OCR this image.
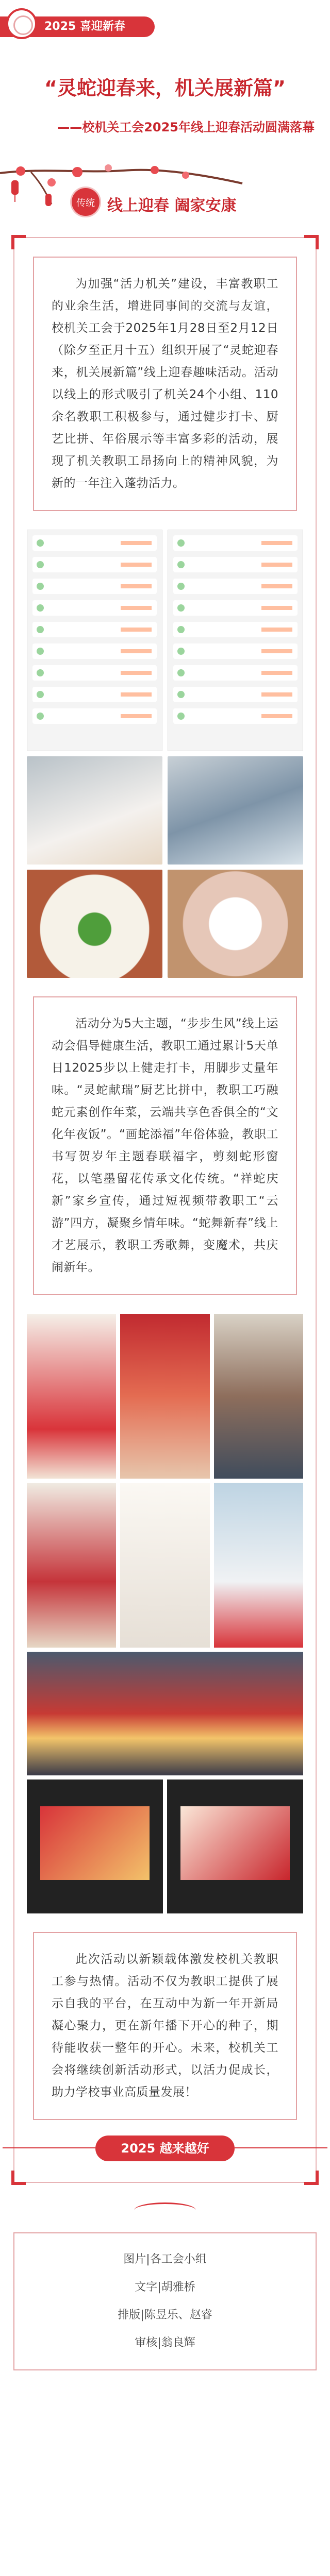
2025 喜迎新春
“灵蛇迎春来，机关展新篇”
——校机关工会2025年线上迎春活动圆满落幕
传统 线上迎春 阖家安康

为加强“活力机关”建设，丰富教职工的业余生活，增进同事间的交流与友谊，校机关工会于2025年1月28日至2月12日（除夕至正月十五）组织开展了“灵蛇迎春来，机关展新篇”线上迎春趣味活动。活动以线上的形式吸引了机关24个小组、110余名教职工积极参与，通过健步打卡、厨艺比拼、年俗展示等丰富多彩的活动，展现了机关教职工昂扬向上的精神风貌，为新的一年注入蓬勃活力。

活动分为5大主题，“步步生风”线上运动会倡导健康生活，教职工通过累计5天单日12025步以上健走打卡，用脚步丈量年味。“灵蛇献瑞”厨艺比拼中，教职工巧融蛇元素创作年菜，云端共享色香俱全的“文化年夜饭”。“画蛇添福”年俗体验，教职工书写贺岁年主题春联福字，剪刻蛇形窗花，以笔墨留花传承文化传统。“祥蛇庆新”家乡宣传，通过短视频带教职工“云游”四方，凝聚乡情年味。“蛇舞新春”线上才艺展示，教职工秀歌舞，变魔术，共庆闹新年。

此次活动以新颖载体激发校机关教职工参与热情。活动不仅为教职工提供了展示自我的平台，在互动中为新一年开新局凝心聚力，更在新年播下开心的种子，期待能收获一整年的开心。未来，校机关工会将继续创新活动形式，以活力促成长，助力学校事业高质量发展！

2025 越来越好
图片|各工会小组
文字|胡雅桥
排版|陈昱乐、赵睿
审核|翁良辉
